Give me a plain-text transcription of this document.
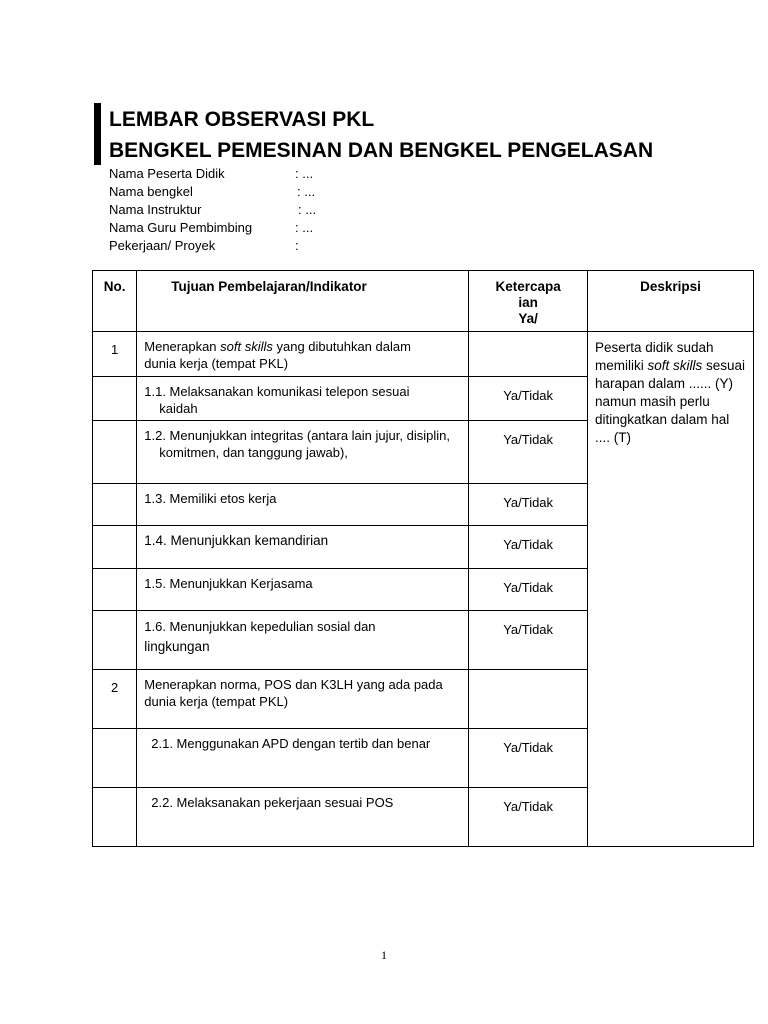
LEMBAR OBSERVASI PKL
BENGKEL PEMESINAN DAN BENGKEL PENGELASAN
Nama Peserta Didik	: ...
Nama bengkel	: ...
Nama Instruktur	: ...
Nama Guru Pembimbing	: ...
Pekerjaan/ Proyek	:
No.	Tujuan Pembelajaran/Indikator	Ketercapa
ian
Ya/	Deskripsi
1	Menerapkan soft skills yang dibutuhkan dalam
dunia kerja (tempat PKL)		Peserta didik sudah memiliki soft skills sesuai harapan dalam ...... (Y) namun masih perlu ditingkatkan dalam hal .... (T)
	1.1. Melaksanakan komunikasi telepon sesuai
kaidah	Ya/Tidak	
	1.2. Menunjukkan integritas (antara lain jujur, disiplin,
komitmen, dan tanggung jawab),	Ya/Tidak	
	1.3. Memiliki etos kerja	Ya/Tidak	
	1.4. Menunjukkan kemandirian	Ya/Tidak	
	1.5. Menunjukkan Kerjasama	Ya/Tidak	
	1.6. Menunjukkan kepedulian sosial dan
lingkungan	Ya/Tidak	
2	Menerapkan norma, POS dan K3LH yang ada pada
dunia kerja (tempat PKL)		
	2.1. Menggunakan APD dengan tertib dan benar	Ya/Tidak	
	2.2. Melaksanakan pekerjaan sesuai POS	Ya/Tidak	
1
